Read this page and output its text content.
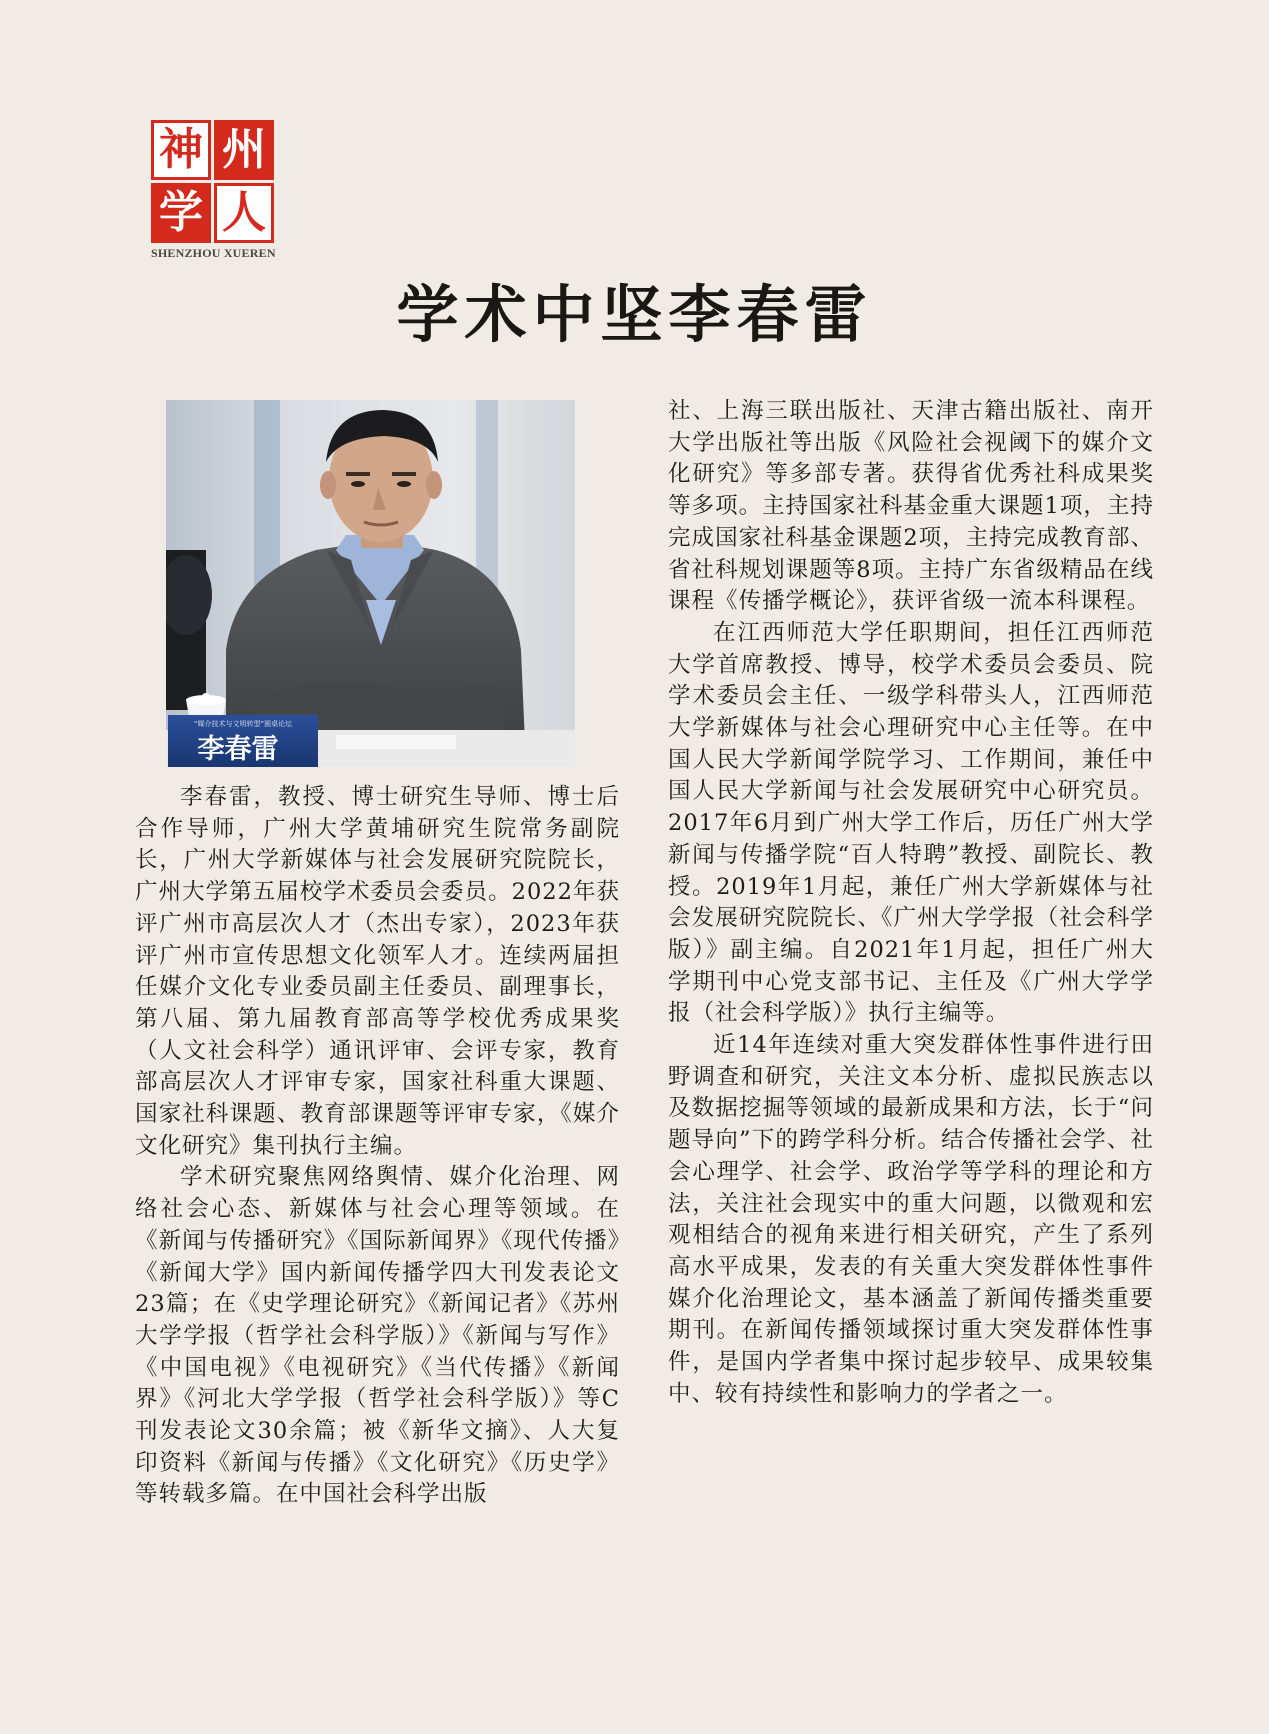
神 州
学 人
SHENZHOU XUEREN
学术中坚李春雷
“媒介技术与文明转型”圆桌论坛
李春雷

李春雷，教授、博士研究生导师、博士后合作导师，广州大学黄埔研究生院常务副院长，广州大学新媒体与社会发展研究院院长，广州大学第五届校学术委员会委员。2022年获评广州市高层次人才（杰出专家），2023年获评广州市宣传思想文化领军人才。连续两届担任媒介文化专业委员副主任委员、副理事长，第八届、第九届教育部高等学校优秀成果奖（人文社会科学）通讯评审、会评专家，教育部高层次人才评审专家，国家社科重大课题、国家社科课题、教育部课题等评审专家，《媒介文化研究》集刊执行主编。

学术研究聚焦网络舆情、媒介化治理、网络社会心态、新媒体与社会心理等领域。在《新闻与传播研究》《国际新闻界》《现代传播》《新闻大学》国内新闻传播学四大刊发表论文23篇；在《史学理论研究》《新闻记者》《苏州大学学报（哲学社会科学版）》《新闻与写作》《中国电视》《电视研究》《当代传播》《新闻界》《河北大学学报（哲学社会科学版）》等C刊发表论文30余篇；被《新华文摘》、人大复印资料《新闻与传播》《文化研究》《历史学》等转载多篇。在中国社会科学出版

社、上海三联出版社、天津古籍出版社、南开大学出版社等出版《风险社会视阈下的媒介文化研究》等多部专著。获得省优秀社科成果奖等多项。主持国家社科基金重大课题1项，主持完成国家社科基金课题2项，主持完成教育部、省社科规划课题等8项。主持广东省级精品在线课程《传播学概论》，获评省级一流本科课程。

在江西师范大学任职期间，担任江西师范大学首席教授、博导，校学术委员会委员、院学术委员会主任、一级学科带头人，江西师范大学新媒体与社会心理研究中心主任等。在中国人民大学新闻学院学习、工作期间，兼任中国人民大学新闻与社会发展研究中心研究员。2017年6月到广州大学工作后，历任广州大学新闻与传播学院“百人特聘”教授、副院长、教授。2019年1月起，兼任广州大学新媒体与社会发展研究院院长、《广州大学学报（社会科学版）》副主编。自2021年1月起，担任广州大学期刊中心党支部书记、主任及《广州大学学报（社会科学版）》执行主编等。

近14年连续对重大突发群体性事件进行田野调查和研究，关注文本分析、虚拟民族志以及数据挖掘等领域的最新成果和方法，长于“问题导向”下的跨学科分析。结合传播社会学、社会心理学、社会学、政治学等学科的理论和方法，关注社会现实中的重大问题，以微观和宏观相结合的视角来进行相关研究，产生了系列高水平成果，发表的有关重大突发群体性事件媒介化治理论文，基本涵盖了新闻传播类重要期刊。在新闻传播领域探讨重大突发群体性事件，是国内学者集中探讨起步较早、成果较集中、较有持续性和影响力的学者之一。
